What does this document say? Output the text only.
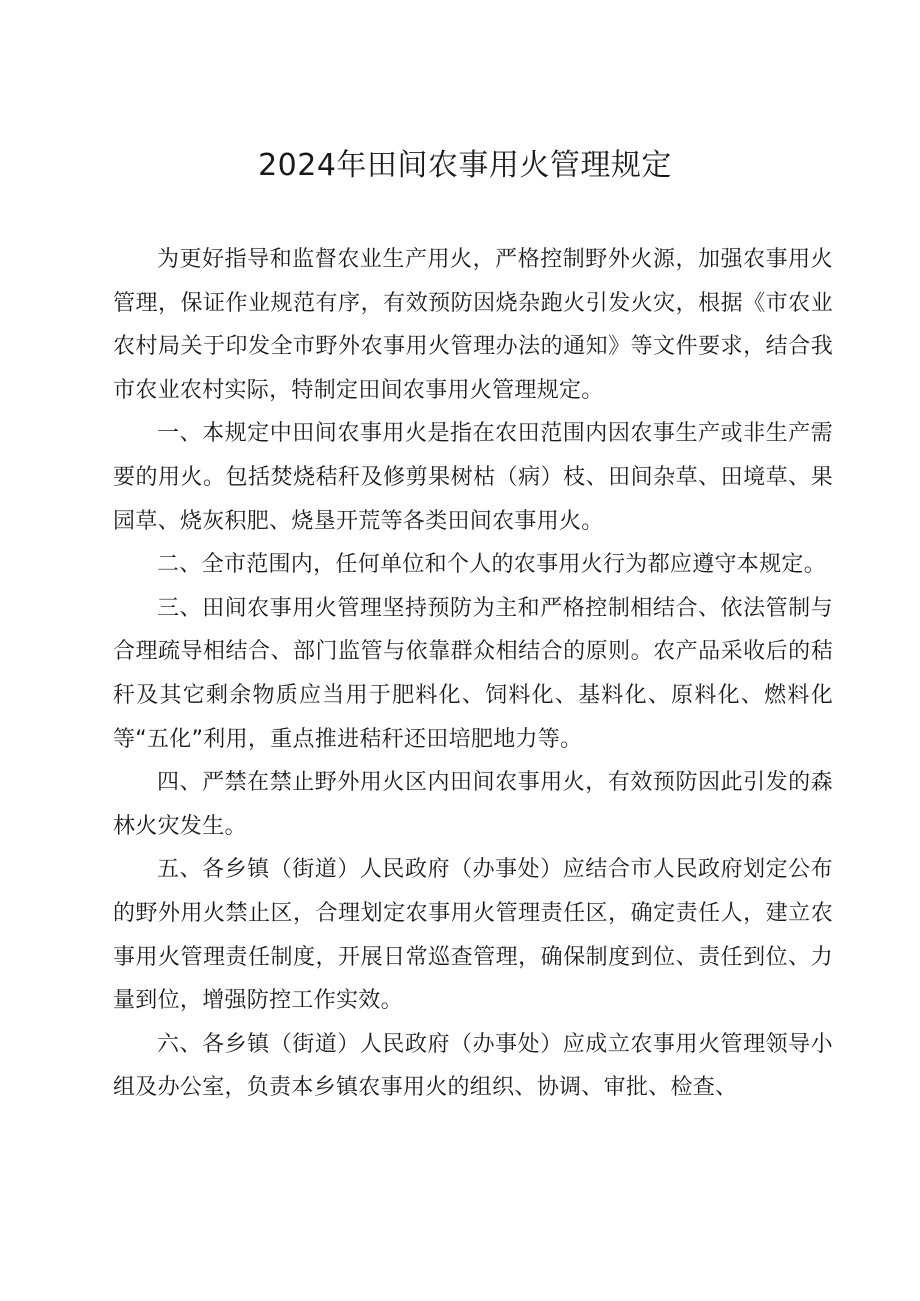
2024年田间农事用火管理规定

为更好指导和监督农业生产用火，严格控制野外火源，加强农事用火管理，保证作业规范有序，有效预防因烧杂跑火引发火灾，根据《市农业农村局关于印发全市野外农事用火管理办法的通知》等文件要求，结合我市农业农村实际，特制定田间农事用火管理规定。

一、本规定中田间农事用火是指在农田范围内因农事生产或非生产需要的用火。包括焚烧秸秆及修剪果树枯（病）枝、田间杂草、田境草、果园草、烧灰积肥、烧垦开荒等各类田间农事用火。

二、全市范围内，任何单位和个人的农事用火行为都应遵守本规定。

三、田间农事用火管理坚持预防为主和严格控制相结合、依法管制与合理疏导相结合、部门监管与依靠群众相结合的原则。农产品采收后的秸秆及其它剩余物质应当用于肥料化、饲料化、基料化、原料化、燃料化等“五化”利用，重点推进秸秆还田培肥地力等。

四、严禁在禁止野外用火区内田间农事用火，有效预防因此引发的森林火灾发生。

五、各乡镇（街道）人民政府（办事处）应结合市人民政府划定公布的野外用火禁止区，合理划定农事用火管理责任区，确定责任人，建立农事用火管理责任制度，开展日常巡查管理，确保制度到位、责任到位、力量到位，增强防控工作实效。

六、各乡镇（街道）人民政府（办事处）应成立农事用火管理领导小组及办公室，负责本乡镇农事用火的组织、协调、审批、检查、
